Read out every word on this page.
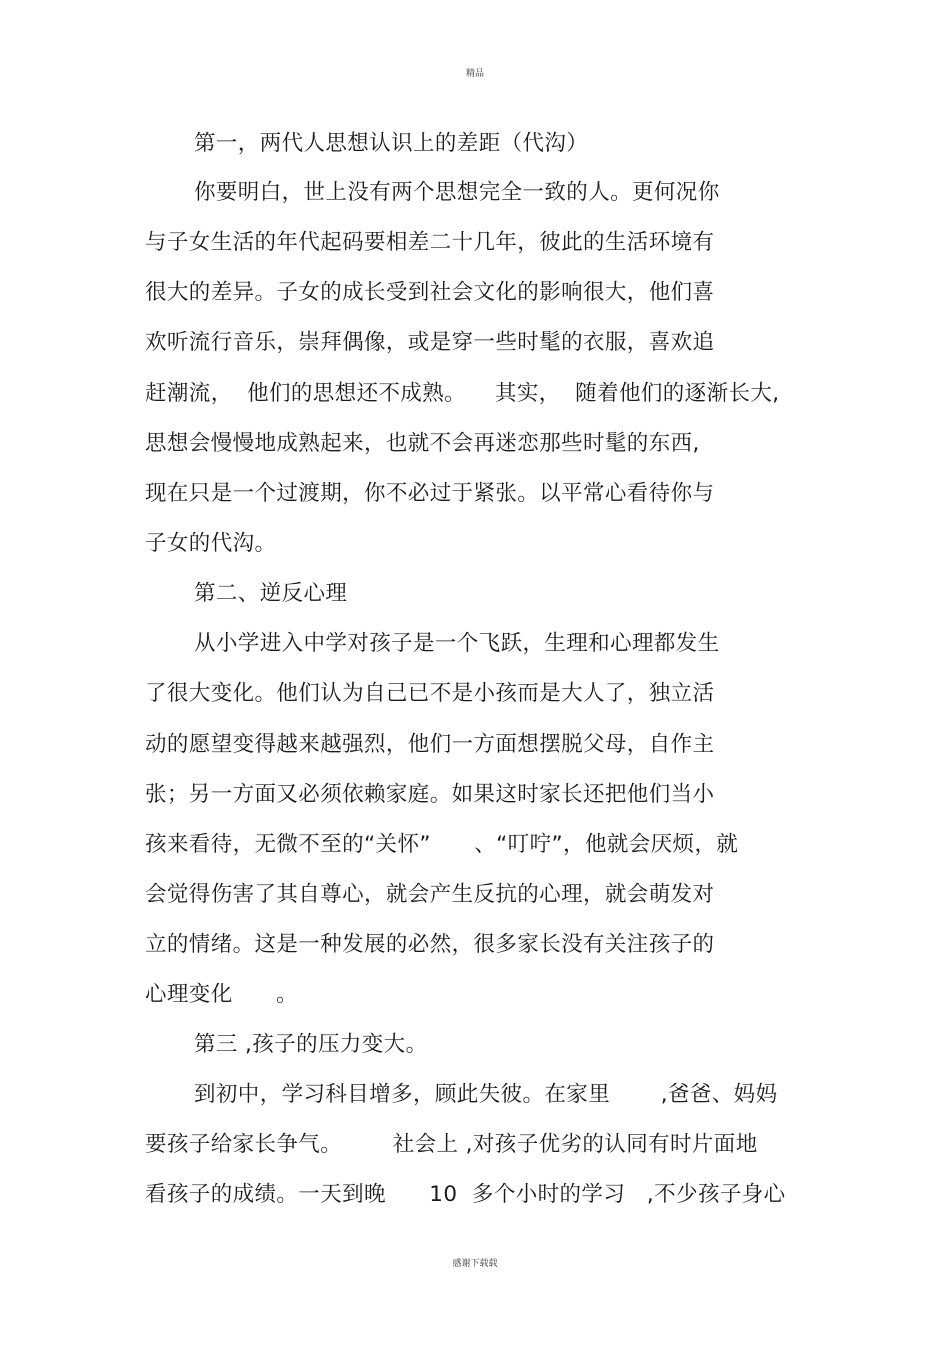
精品
第一，两代人思想认识上的差距（代沟）
你要明白，世上没有两个思想完全一致的人。更何况你
与子女生活的年代起码要相差二十几年，彼此的生活环境有
很大的差异。子女的成长受到社会文化的影响很大，他们喜
欢听流行音乐，崇拜偶像，或是穿一些时髦的衣服，喜欢追
赶潮流，  他们的思想还不成熟。    其实，  随着他们的逐渐长大,
思想会慢慢地成熟起来，也就不会再迷恋那些时髦的东西,
现在只是一个过渡期，你不必过于紧张。以平常心看待你与
子女的代沟。
第二、逆反心理
从小学进入中学对孩子是一个飞跃，生理和心理都发生
了很大变化。他们认为自己已不是小孩而是大人了，独立活
动的愿望变得越来越强烈，他们一方面想摆脱父母，自作主
张；另一方面又必须依赖家庭。如果这时家长还把他们当小
孩来看待，无微不至的“关怀”      、“叮咛”，他就会厌烦，就
会觉得伤害了其自尊心，就会产生反抗的心理，就会萌发对
立的情绪。这是一种发展的必然，很多家长没有关注孩子的
心理变化      。
第三 ,孩子的压力变大。
到初中，学习科目增多，顾此失彼。在家里       ,爸爸、妈妈
要孩子给家长争气。       社会上 ,对孩子优劣的认同有时片面地
看孩子的成绩。一天到晚      10  多个小时的学习   ,不少孩子身心
感谢下载载
